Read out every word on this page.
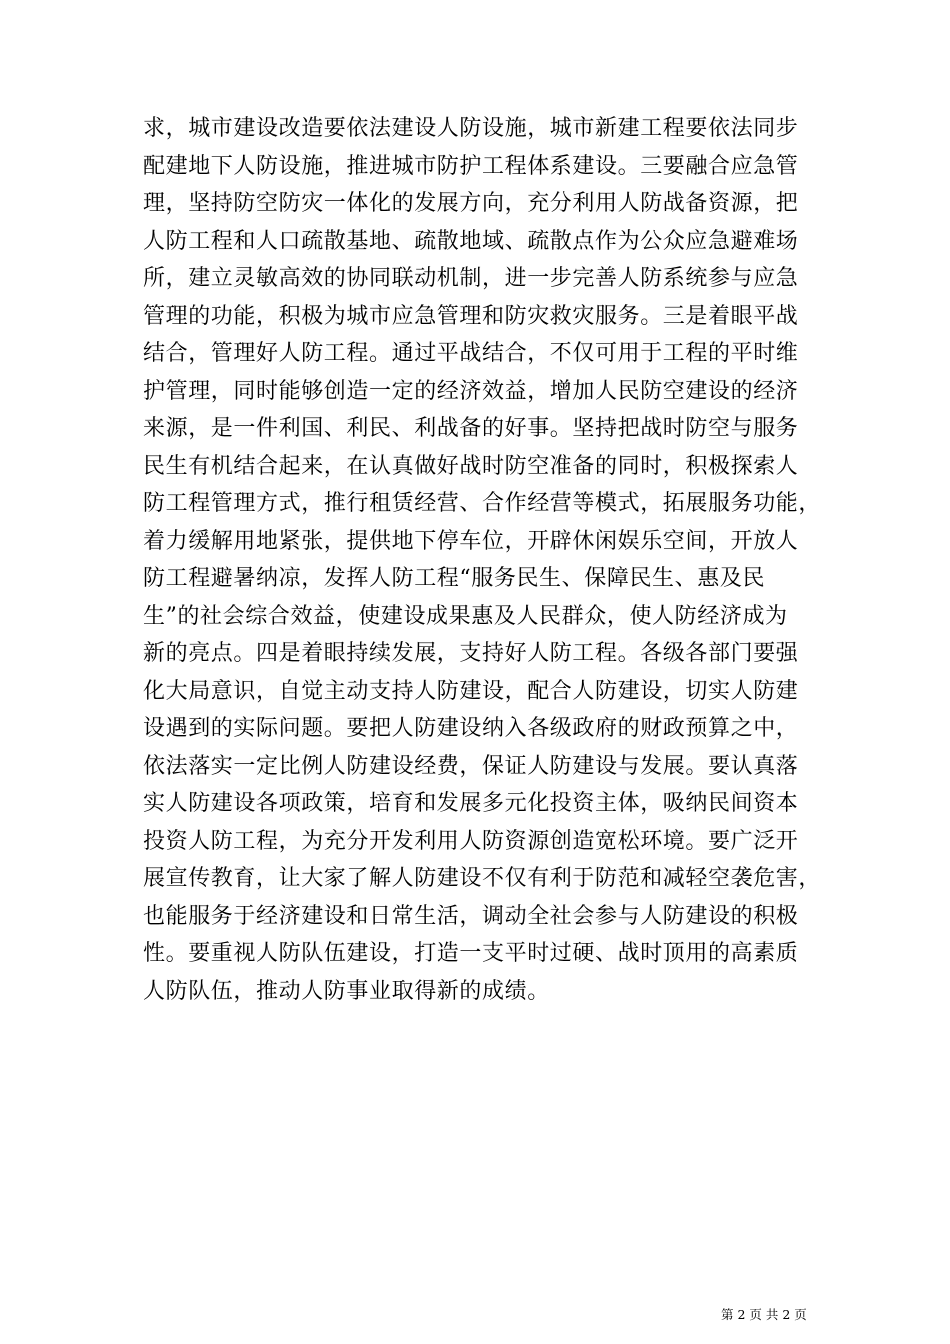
求，城市建设改造要依法建设人防设施，城市新建工程要依法同步
配建地下人防设施，推进城市防护工程体系建设。三要融合应急管
理，坚持防空防灾一体化的发展方向，充分利用人防战备资源，把
人防工程和人口疏散基地、疏散地域、疏散点作为公众应急避难场
所，建立灵敏高效的协同联动机制，进一步完善人防系统参与应急
管理的功能，积极为城市应急管理和防灾救灾服务。三是着眼平战
结合，管理好人防工程。通过平战结合，不仅可用于工程的平时维
护管理，同时能够创造一定的经济效益，增加人民防空建设的经济
来源，是一件利国、利民、利战备的好事。坚持把战时防空与服务
民生有机结合起来，在认真做好战时防空准备的同时，积极探索人
防工程管理方式，推行租赁经营、合作经营等模式，拓展服务功能，
着力缓解用地紧张，提供地下停车位，开辟休闲娱乐空间，开放人
防工程避暑纳凉，发挥人防工程“服务民生、保障民生、惠及民
生”的社会综合效益，使建设成果惠及人民群众，使人防经济成为
新的亮点。四是着眼持续发展，支持好人防工程。各级各部门要强
化大局意识，自觉主动支持人防建设，配合人防建设，切实人防建
设遇到的实际问题。要把人防建设纳入各级政府的财政预算之中，
依法落实一定比例人防建设经费，保证人防建设与发展。要认真落
实人防建设各项政策，培育和发展多元化投资主体，吸纳民间资本
投资人防工程，为充分开发利用人防资源创造宽松环境。要广泛开
展宣传教育，让大家了解人防建设不仅有利于防范和减轻空袭危害，
也能服务于经济建设和日常生活，调动全社会参与人防建设的积极
性。要重视人防队伍建设，打造一支平时过硬、战时顶用的高素质
人防队伍，推动人防事业取得新的成绩。
第 2 页 共 2 页
